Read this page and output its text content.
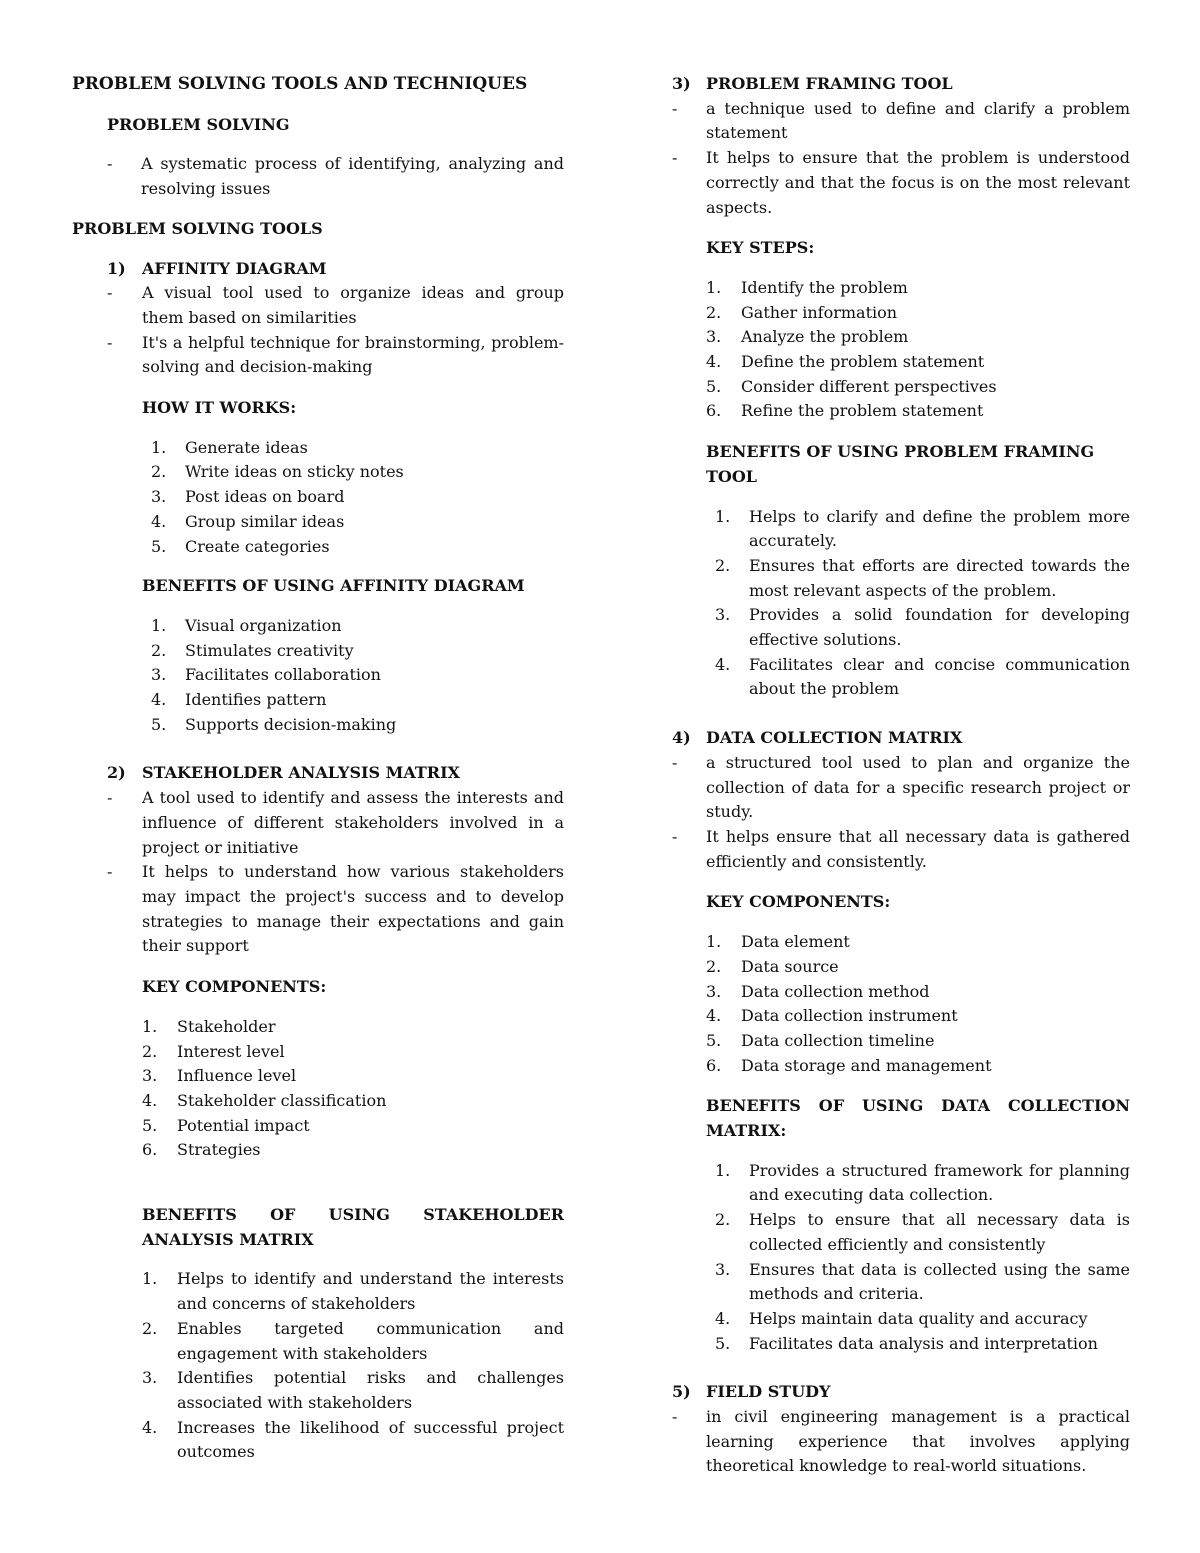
PROBLEM SOLVING TOOLS AND TECHNIQUES

PROBLEM SOLVING

-	A systematic process of identifying, analyzing and resolving issues

PROBLEM SOLVING TOOLS

1)	AFFINITY DIAGRAM
-	A visual tool used to organize ideas and group them based on similarities
-	It's a helpful technique for brainstorming, problem-solving and decision-making

HOW IT WORKS:

1.	Generate ideas
2.	Write ideas on sticky notes
3.	Post ideas on board
4.	Group similar ideas
5.	Create categories

BENEFITS OF USING AFFINITY DIAGRAM

1.	Visual organization
2.	Stimulates creativity
3.	Facilitates collaboration
4.	Identifies pattern
5.	Supports decision-making
2)	STAKEHOLDER ANALYSIS MATRIX
-	A tool used to identify and assess the interests and influence of different stakeholders involved in a project or initiative
-	It helps to understand how various stakeholders may impact the project's success and to develop strategies to manage their expectations and gain their support

KEY COMPONENTS:

1.	Stakeholder
2.	Interest level
3.	Influence level
4.	Stakeholder classification
5.	Potential impact
6.	Strategies

BENEFITS OF USING STAKEHOLDER ANALYSIS MATRIX

1.	Helps to identify and understand the interests and concerns of stakeholders
2.	Enables targeted communication and engagement with stakeholders
3.	Identifies potential risks and challenges associated with stakeholders
4.	Increases the likelihood of successful project outcomes
3) PROBLEM FRAMING TOOL
-	a technique used to define and clarify a problem statement
-	It helps to ensure that the problem is understood correctly and that the focus is on the most relevant aspects.

KEY STEPS:

1.	Identify the problem
2.	Gather information
3.	Analyze the problem
4.	Define the problem statement
5.	Consider different perspectives
6.	Refine the problem statement

BENEFITS OF USING PROBLEM FRAMING TOOL

1.	Helps to clarify and define the problem more accurately.
2.	Ensures that efforts are directed towards the most relevant aspects of the problem.
3.	Provides a solid foundation for developing effective solutions.
4.	Facilitates clear and concise communication about the problem
4) DATA COLLECTION MATRIX
-	a structured tool used to plan and organize the collection of data for a specific research project or study.
-	It helps ensure that all necessary data is gathered efficiently and consistently.

KEY COMPONENTS:

1.	Data element
2.	Data source
3.	Data collection method
4.	Data collection instrument
5.	Data collection timeline
6.	Data storage and management

BENEFITS OF USING DATA COLLECTION MATRIX:

1.	Provides a structured framework for planning and executing data collection.
2.	Helps to ensure that all necessary data is collected efficiently and consistently
3.	Ensures that data is collected using the same methods and criteria.
4.	Helps maintain data quality and accuracy
5.	Facilitates data analysis and interpretation
5) FIELD STUDY
-	in civil engineering management is a practical learning experience that involves applying theoretical knowledge to real-world situations.
